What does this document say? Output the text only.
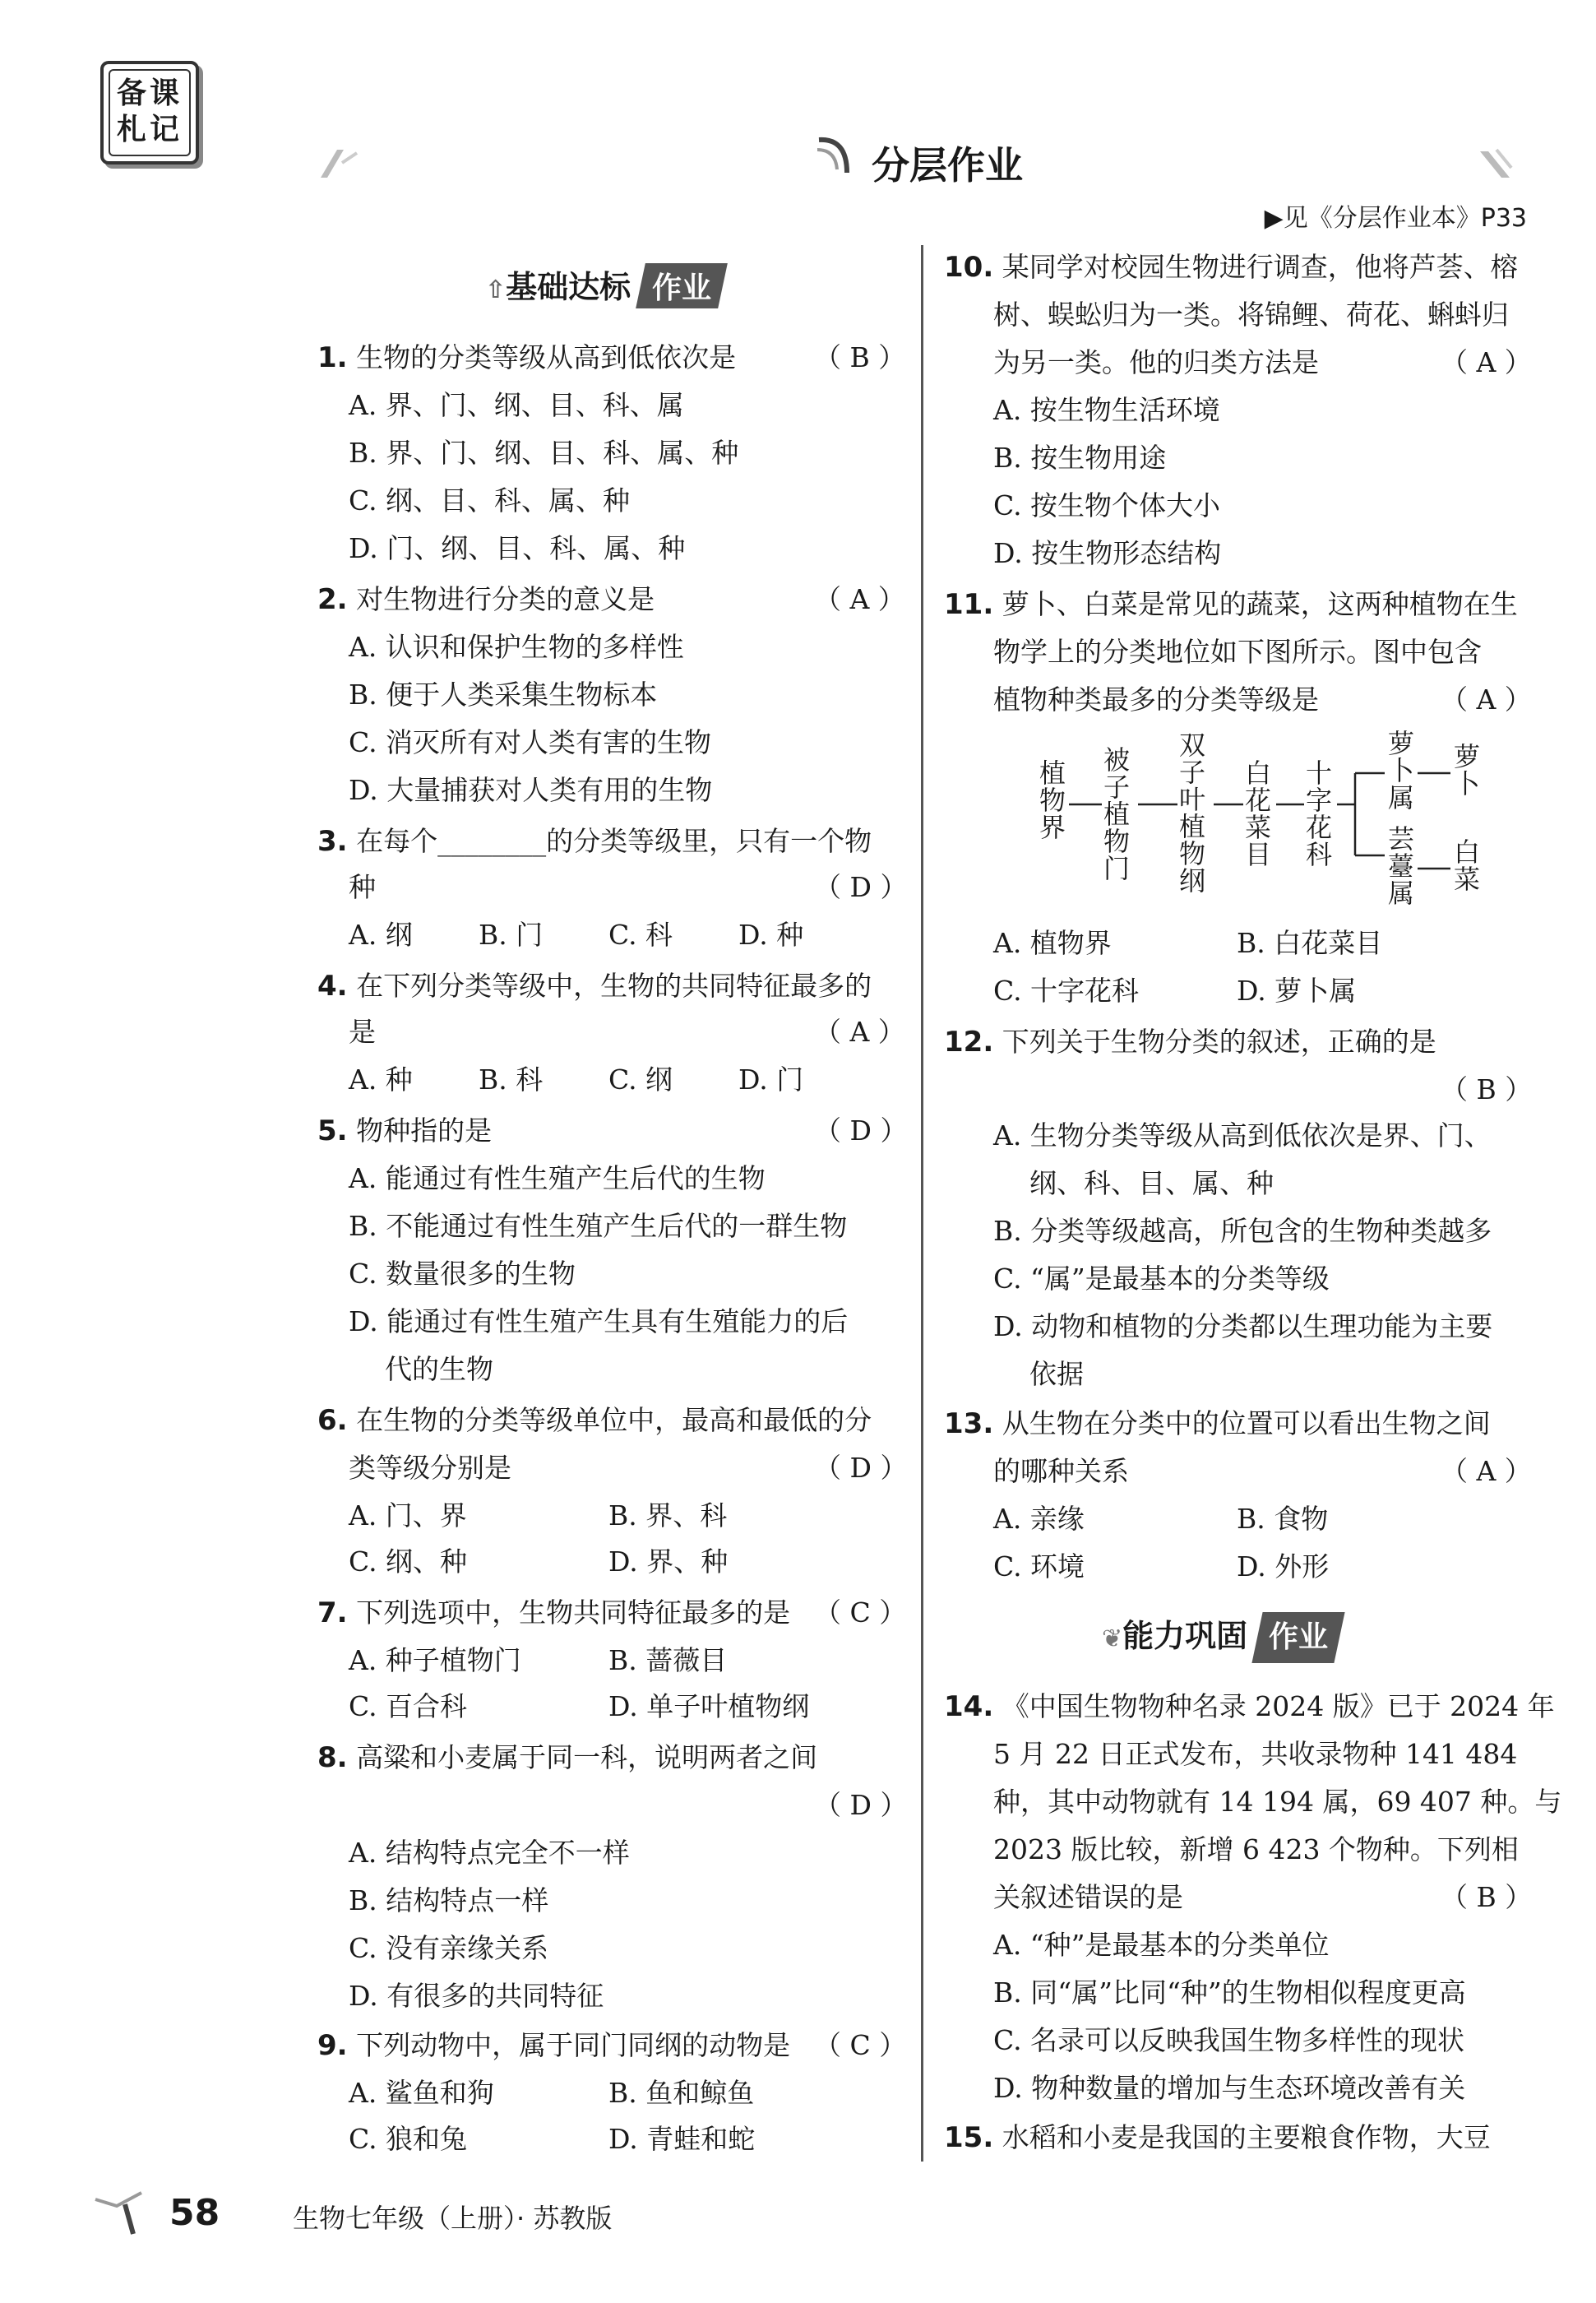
备课
札记
分层作业
▶见《分层作业本》P33
⇧基础达标 作业
1. 生物的分类等级从高到低依次是	（ B ）
A. 界、门、纲、目、科、属
B. 界、门、纲、目、科、属、种
C. 纲、目、科、属、种
D. 门、纲、目、科、属、种
2. 对生物进行分类的意义是	（ A ）
A. 认识和保护生物的多样性
B. 便于人类采集生物标本
C. 消灭所有对人类有害的生物
D. 大量捕获对人类有用的生物
3. 在每个________的分类等级里，只有一个物
种	（ D ）
A. 纲 B. 门 C. 科 D. 种
4. 在下列分类等级中，生物的共同特征最多的
是	（ A ）
A. 种 B. 科 C. 纲 D. 门
5. 物种指的是	（ D ）
A. 能通过有性生殖产生后代的生物
B. 不能通过有性生殖产生后代的一群生物
C. 数量很多的生物
D. 能通过有性生殖产生具有生殖能力的后
代的生物
6. 在生物的分类等级单位中，最高和最低的分
类等级分别是	（ D ）
A. 门、界	B. 界、科
C. 纲、种	D. 界、种
7. 下列选项中，生物共同特征最多的是 （ C ）
A. 种子植物门	B. 蔷薇目
C. 百合科	D. 单子叶植物纲
8. 高粱和小麦属于同一科，说明两者之间
（ D ）
A. 结构特点完全不一样
B. 结构特点一样
C. 没有亲缘关系
D. 有很多的共同特征
9. 下列动物中，属于同门同纲的动物是 （ C ）
A. 鲨鱼和狗	B. 鱼和鲸鱼
C. 狼和兔	D. 青蛙和蛇
10. 某同学对校园生物进行调查，他将芦荟、榕
树、蜈蚣归为一类。将锦鲤、荷花、蝌蚪归
为另一类。他的归类方法是	（ A ）
A. 按生物生活环境
B. 按生物用途
C. 按生物个体大小
D. 按生物形态结构
11. 萝卜、白菜是常见的蔬菜，这两种植物在生
物学上的分类地位如下图所示。图中包含
植物种类最多的分类等级是	（ A ）
植物界
被子植物门
双子叶植物纲
白花菜目
十字花科
萝卜属
芸薹属
萝卜
白菜
A. 植物界	B. 白花菜目
C. 十字花科	D. 萝卜属
12. 下列关于生物分类的叙述，正确的是
（ B ）
A. 生物分类等级从高到低依次是界、门、
纲、科、目、属、种
B. 分类等级越高，所包含的生物种类越多
C. “属”是最基本的分类等级
D. 动物和植物的分类都以生理功能为主要
依据
13. 从生物在分类中的位置可以看出生物之间
的哪种关系	（ A ）
A. 亲缘	B. 食物
C. 环境	D. 外形
❦能力巩固 作业
14. 《中国生物物种名录 2024 版》已于 2024 年
5 月 22 日正式发布，共收录物种 141 484
种，其中动物就有 14 194 属，69 407 种。与
2023 版比较，新增 6 423 个物种。下列相
关叙述错误的是	（ B ）
A. “种”是最基本的分类单位
B. 同“属”比同“种”的生物相似程度更高
C. 名录可以反映我国生物多样性的现状
D. 物种数量的增加与生态环境改善有关
15. 水稻和小麦是我国的主要粮食作物，大豆
58	生物七年级（上册）· 苏教版
